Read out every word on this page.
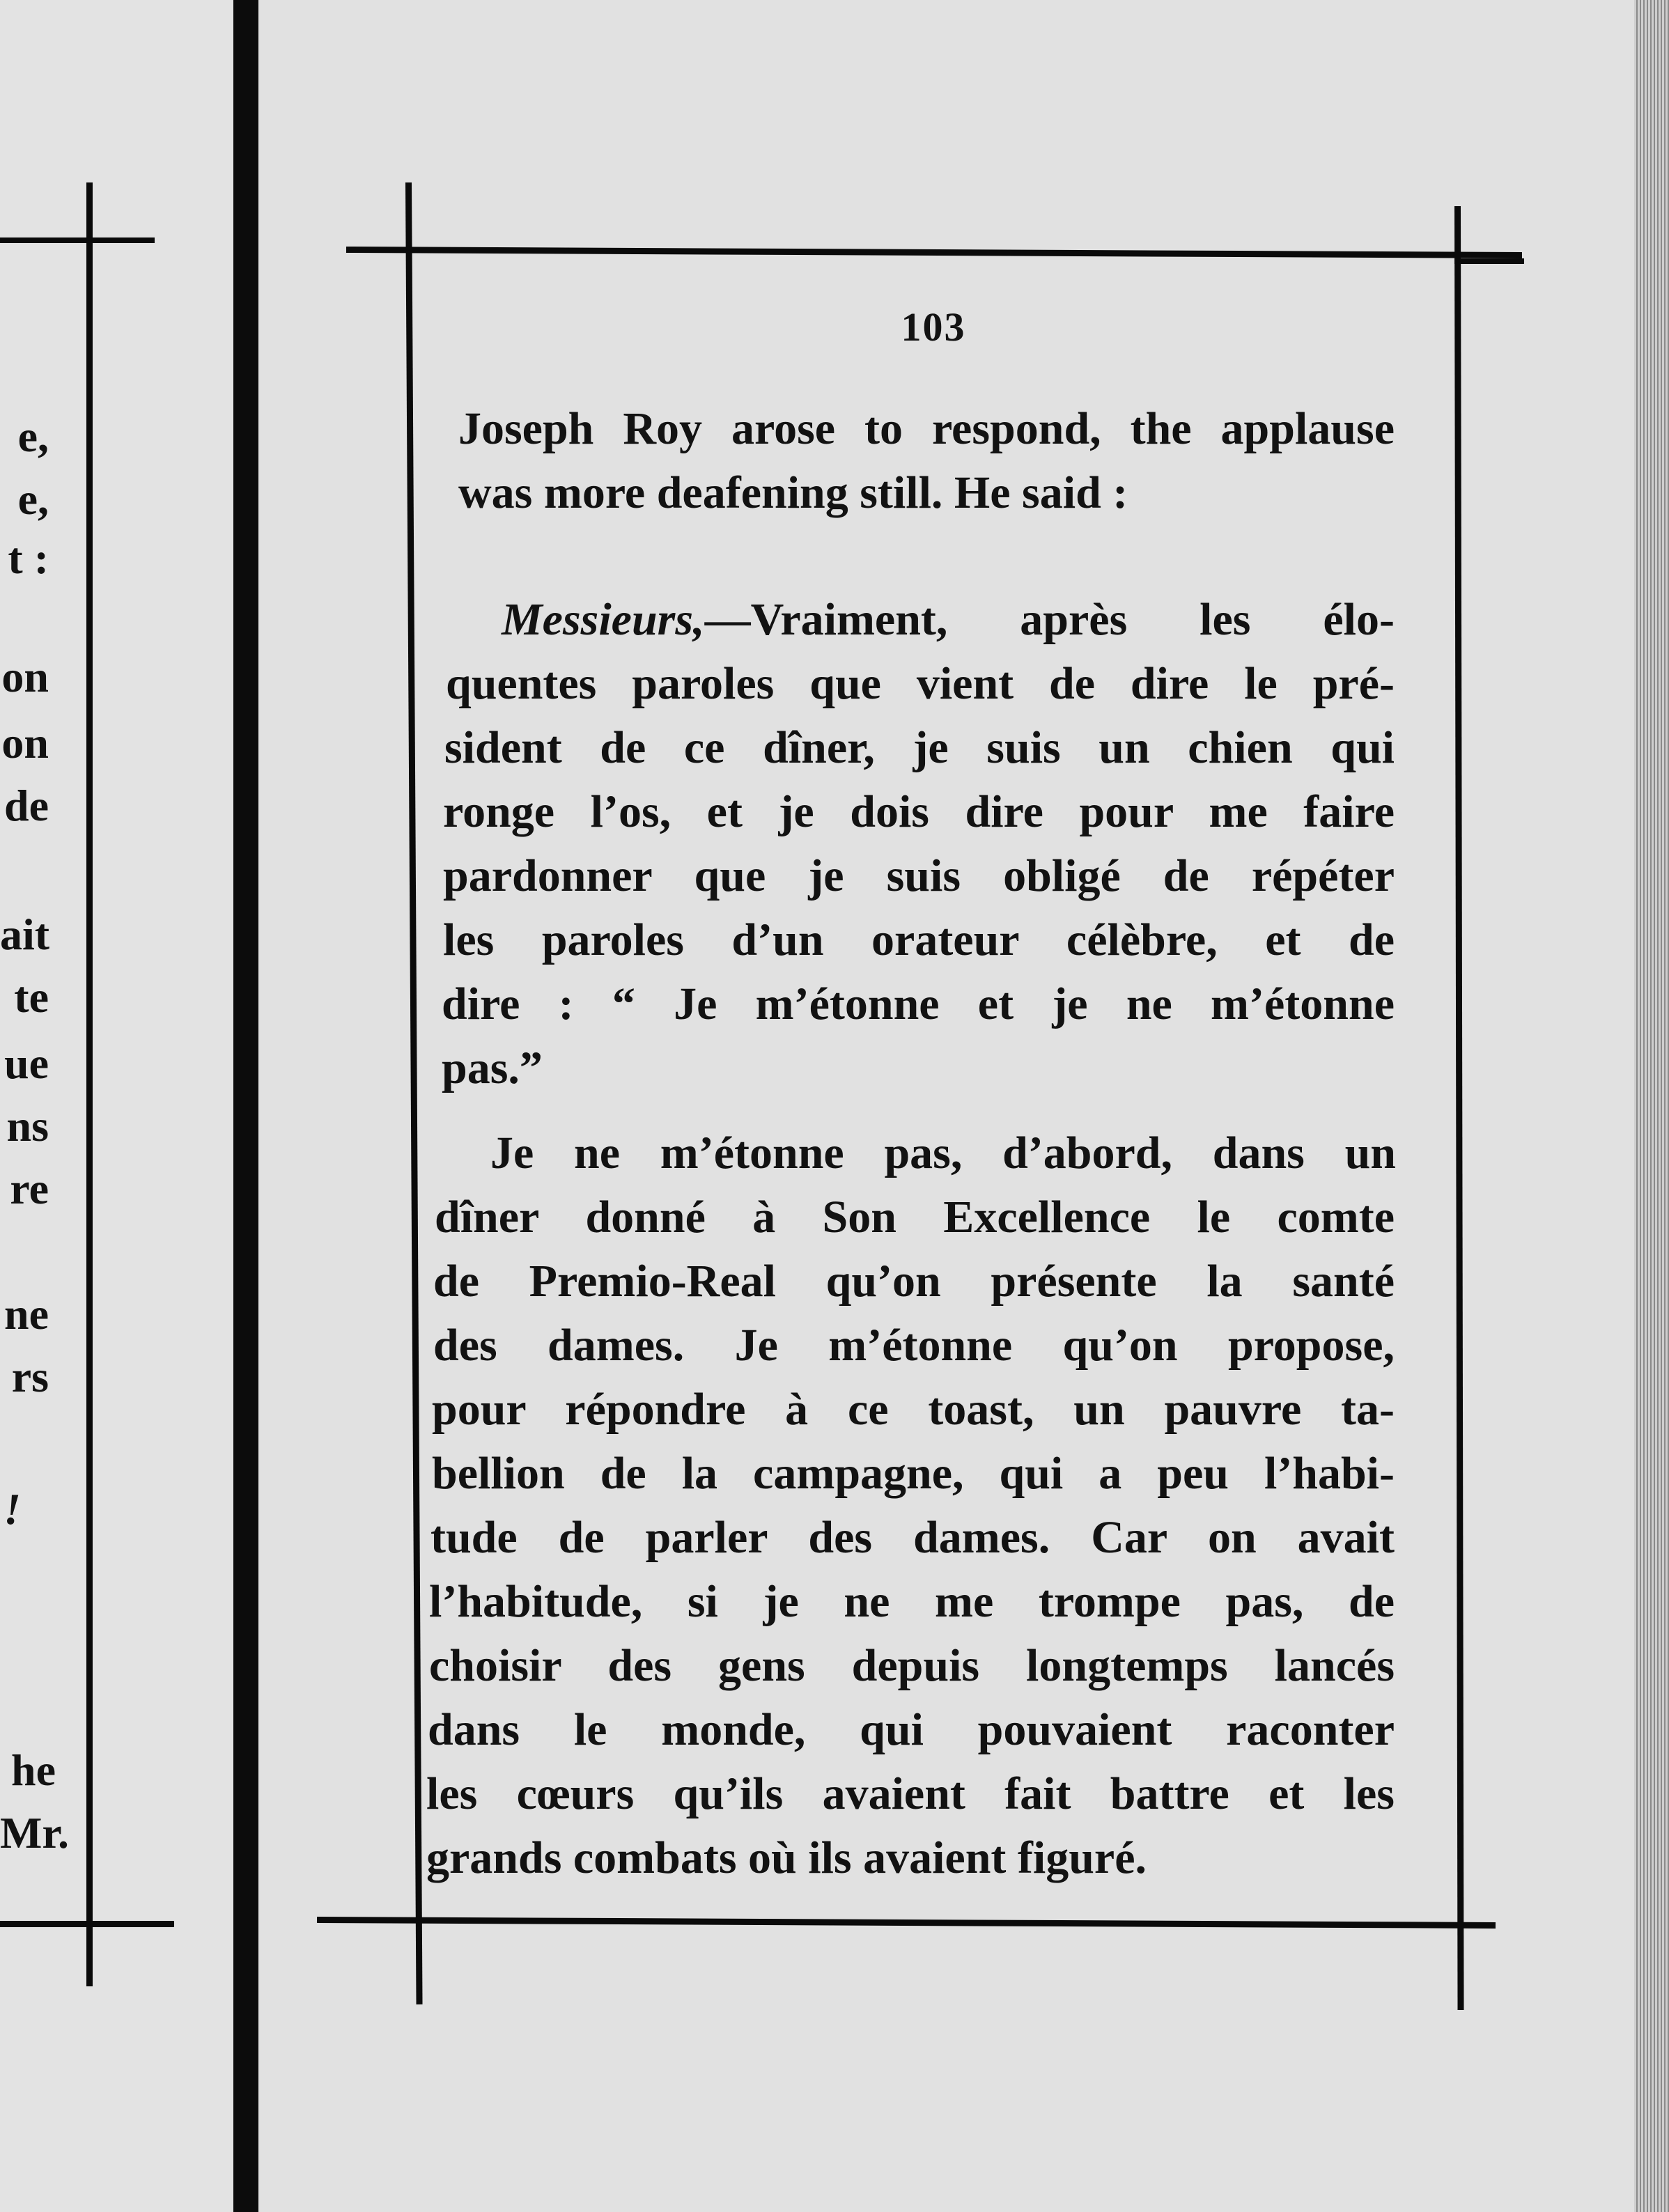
e,
e,
t :
on
on
de
ait
te
ue
ns
re
ne
rs
!
he
Mr.
103
Joseph Roy arose to respond, the applause
was more deafening still. He said :
Messieurs,—Vraiment, après les élo-
quentes paroles que vient de dire le pré-
sident de ce dîner, je suis un chien qui
ronge l’os, et je dois dire pour me faire
pardonner que je suis obligé de répéter
les paroles d’un orateur célèbre, et de
dire : “ Je m’étonne et je ne m’étonne
pas.”
Je ne m’étonne pas, d’abord, dans un
dîner donné à Son Excellence le comte
de Premio-Real qu’on présente la santé
des dames. Je m’étonne qu’on propose,
pour répondre à ce toast, un pauvre ta-
bellion de la campagne, qui a peu l’habi-
tude de parler des dames. Car on avait
l’habitude, si je ne me trompe pas, de
choisir des gens depuis longtemps lancés
dans le monde, qui pouvaient raconter
les cœurs qu’ils avaient fait battre et les
grands combats où ils avaient figuré.
